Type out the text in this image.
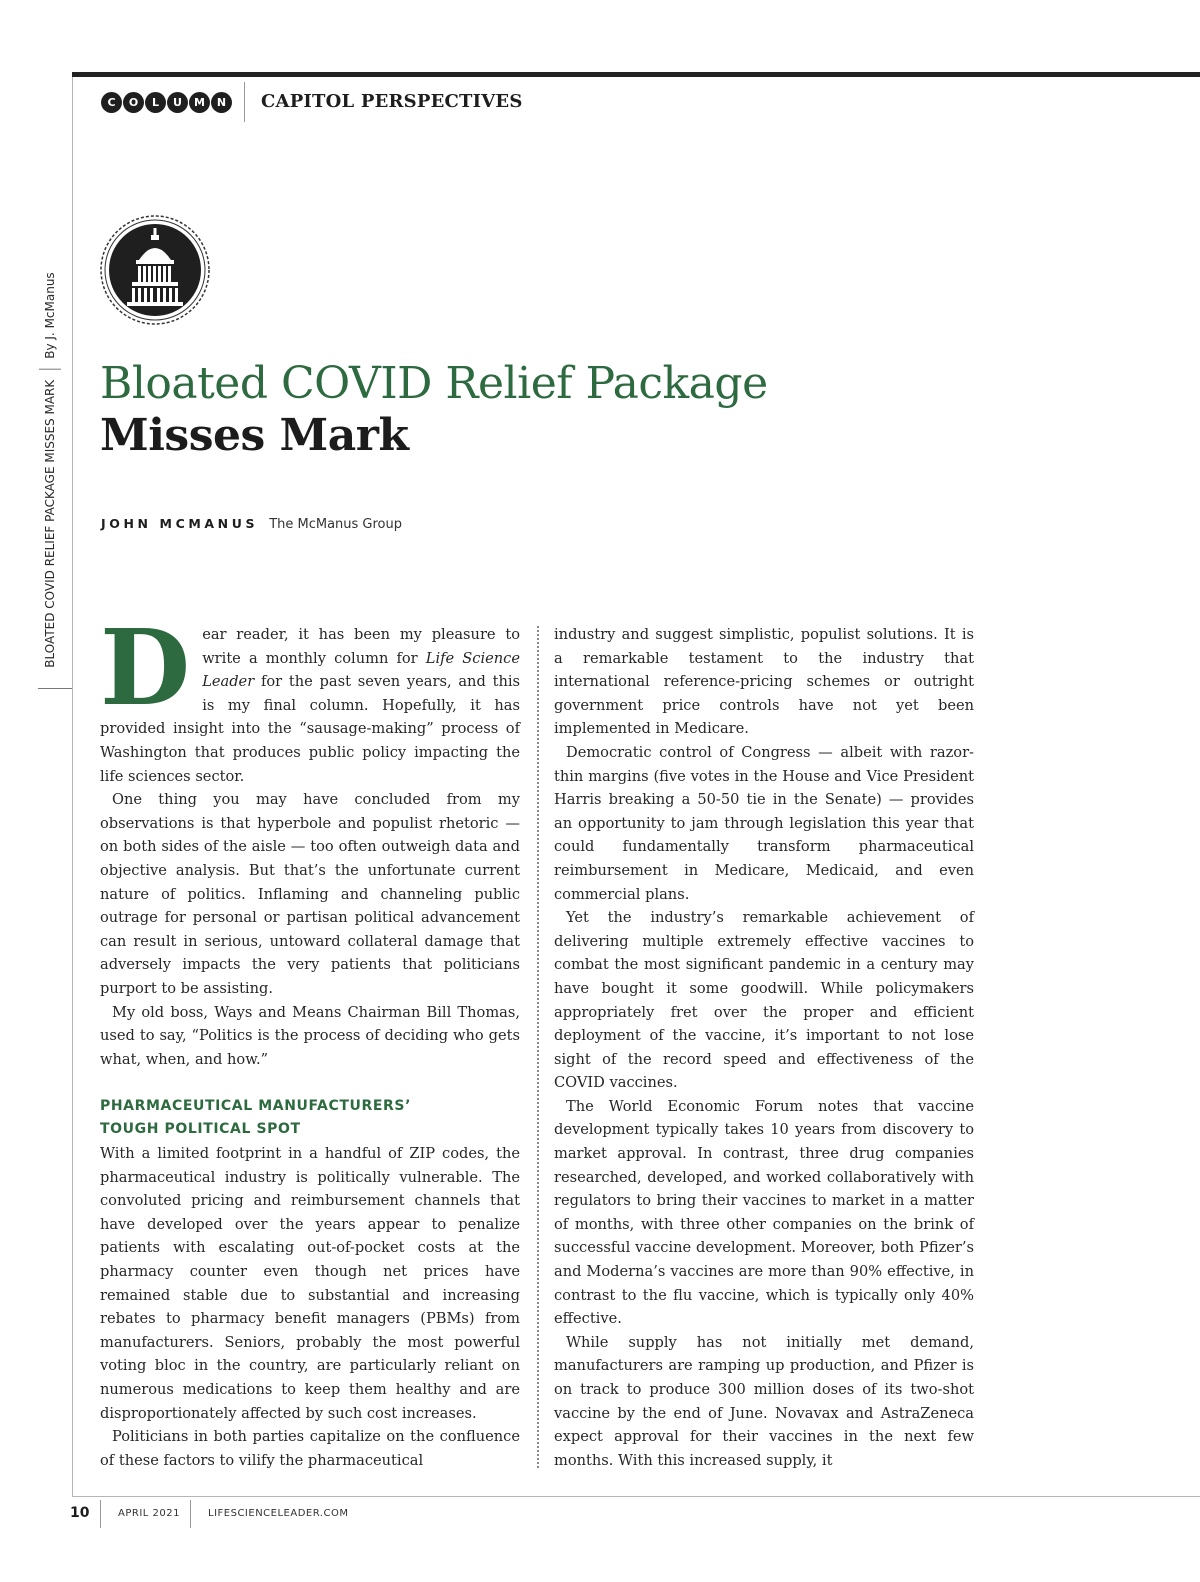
C	O	L	U	M	N	CAPITOL PERSPECTIVES
BLOATED COVID RELIEF PACKAGE MISSES MARK
By J. McManus
Bloated COVID Relief Package
Misses Mark
JOHN MCMANUS The McManus Group

Dear reader, it has been my pleasure to write a monthly column for Life Science Leader for the past seven years, and this is my final column. Hopefully, it has provided insight into the “sausage-making” process of Washington that produces public policy impacting the life sciences sector.

One thing you may have concluded from my observations is that hyperbole and populist rhetoric — on both sides of the aisle — too often outweigh data and objective analysis. But that’s the unfortunate current nature of politics. Inflaming and channeling public outrage for personal or partisan political advancement can result in serious, untoward collateral damage that adversely impacts the very patients that politicians purport to be assisting.

My old boss, Ways and Means Chairman Bill Thomas, used to say, “Politics is the process of deciding who gets what, when, and how.”

PHARMACEUTICAL MANUFACTURERS’
TOUGH POLITICAL SPOT

With a limited footprint in a handful of ZIP codes, the pharmaceutical industry is politically vulnerable. The convoluted pricing and reimbursement channels that have developed over the years appear to penalize patients with escalating out-of-pocket costs at the pharmacy counter even though net prices have remained stable due to substantial and increasing rebates to pharmacy benefit managers (PBMs) from manufacturers. Seniors, probably the most powerful voting bloc in the country, are particularly reliant on numerous medications to keep them healthy and are disproportionately affected by such cost increases.

Politicians in both parties capitalize on the confluence of these factors to vilify the pharmaceutical

industry and suggest simplistic, populist solutions. It is a remarkable testament to the industry that international reference-pricing schemes or outright government price controls have not yet been implemented in Medicare.

Democratic control of Congress — albeit with razor-thin margins (five votes in the House and Vice President Harris breaking a 50-50 tie in the Senate) — provides an opportunity to jam through legislation this year that could fundamentally transform pharmaceutical reimbursement in Medicare, Medicaid, and even commercial plans.

Yet the industry’s remarkable achievement of delivering multiple extremely effective vaccines to combat the most significant pandemic in a century may have bought it some goodwill. While policymakers appropriately fret over the proper and efficient deployment of the vaccine, it’s important to not lose sight of the record speed and effectiveness of the COVID vaccines.

The World Economic Forum notes that vaccine development typically takes 10 years from discovery to market approval. In contrast, three drug companies researched, developed, and worked collaboratively with regulators to bring their vaccines to market in a matter of months, with three other companies on the brink of successful vaccine development. Moreover, both Pfizer’s and Moderna’s vaccines are more than 90% effective, in contrast to the flu vaccine, which is typically only 40% effective.

While supply has not initially met demand, manufacturers are ramping up production, and Pfizer is on track to produce 300 million doses of its two-shot vaccine by the end of June. Novavax and AstraZeneca expect approval for their vaccines in the next few months. With this increased supply, it

10	APRIL 2021	LIFESCIENCELEADER.COM
